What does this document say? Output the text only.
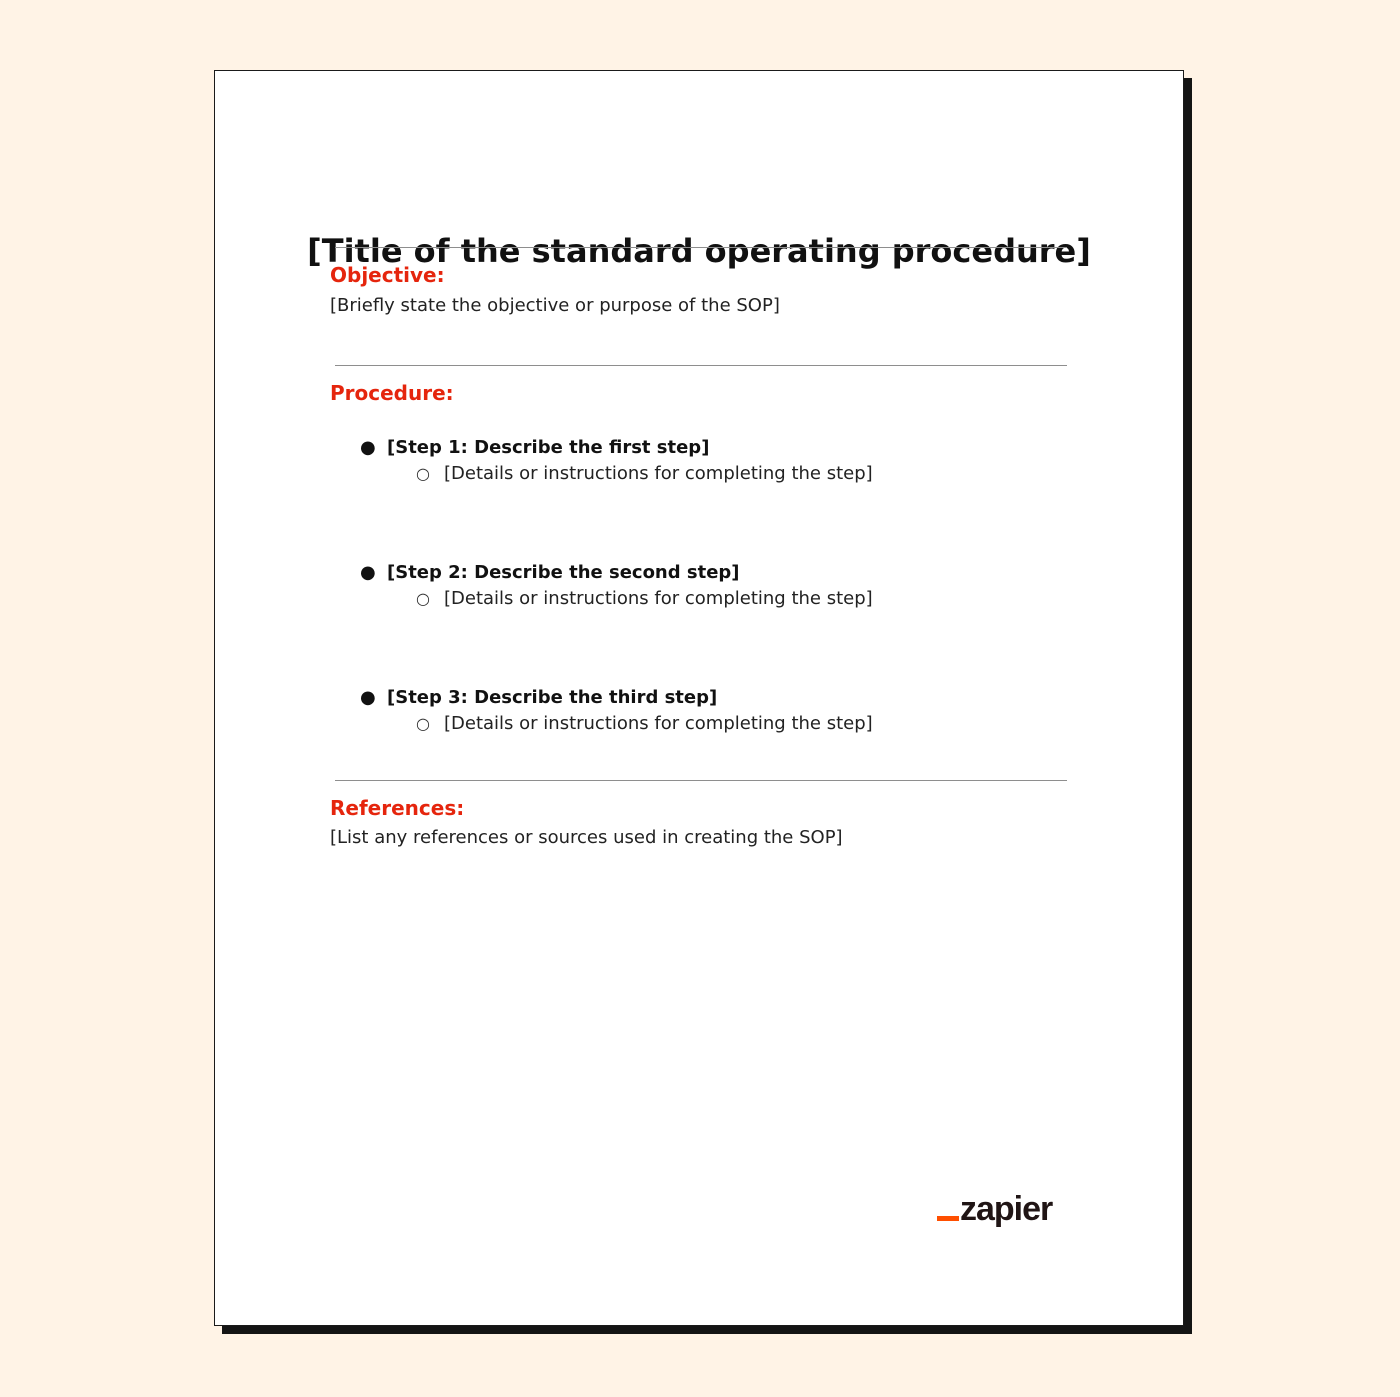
[Title of the standard operating procedure]
Objective:

[Briefly state the objective or purpose of the SOP]

Procedure:
● [Step 1: Describe the first step]
○ [Details or instructions for completing the step]
● [Step 2: Describe the second step]
○ [Details or instructions for completing the step]
● [Step 3: Describe the third step]
○ [Details or instructions for completing the step]
References:

[List any references or sources used in creating the SOP]

zapier
